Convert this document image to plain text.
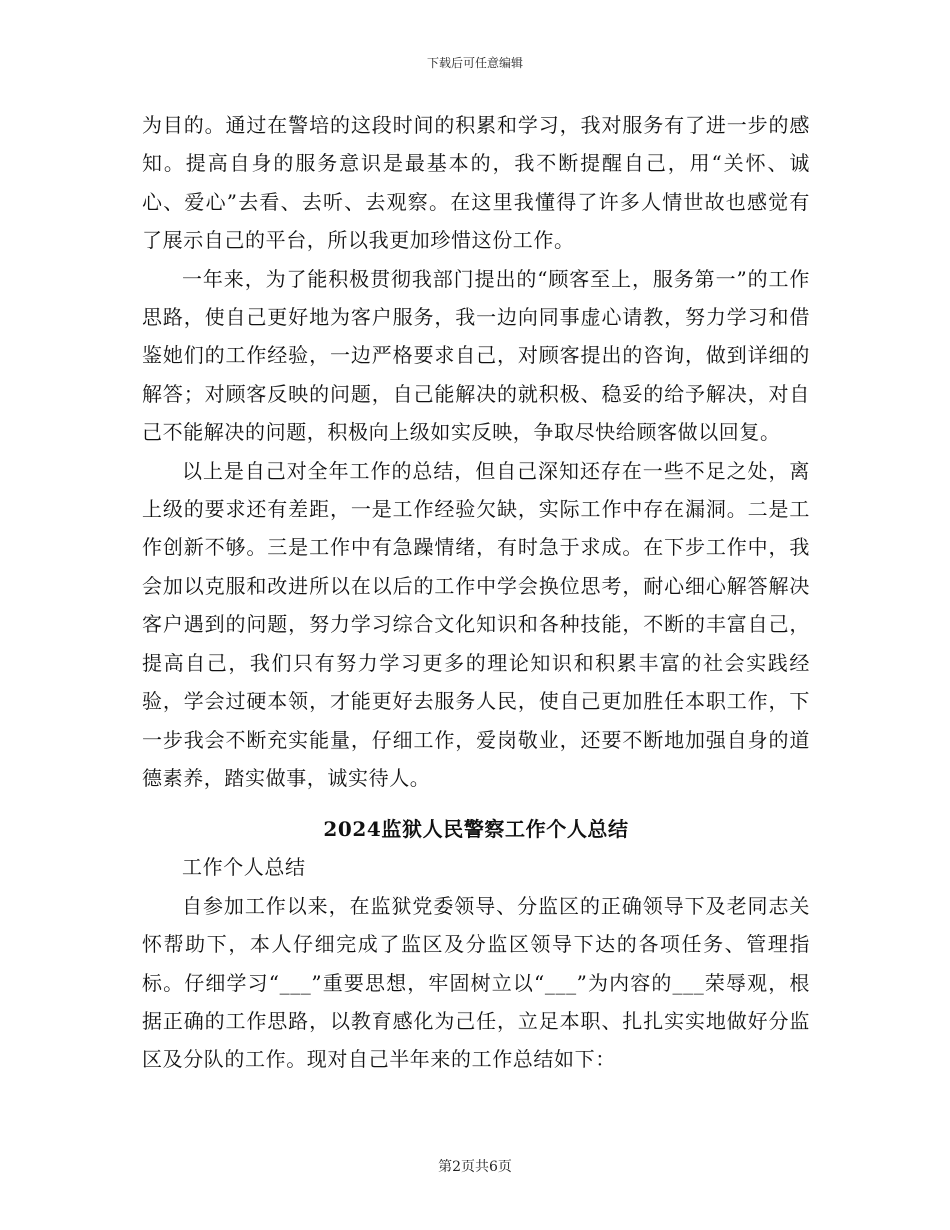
下载后可任意编辑

为目的。通过在警培的这段时间的积累和学习，我对服务有了进一步的感知。提高自身的服务意识是最基本的，我不断提醒自己，用“关怀、诚心、爱心”去看、去听、去观察。在这里我懂得了许多人情世故也感觉有了展示自己的平台，所以我更加珍惜这份工作。

一年来，为了能积极贯彻我部门提出的“顾客至上，服务第一”的工作思路，使自己更好地为客户服务，我一边向同事虚心请教，努力学习和借鉴她们的工作经验，一边严格要求自己，对顾客提出的咨询，做到详细的解答；对顾客反映的问题，自己能解决的就积极、稳妥的给予解决，对自己不能解决的问题，积极向上级如实反映，争取尽快给顾客做以回复。

以上是自己对全年工作的总结，但自己深知还存在一些不足之处，离上级的要求还有差距，一是工作经验欠缺，实际工作中存在漏洞。二是工作创新不够。三是工作中有急躁情绪，有时急于求成。在下步工作中，我会加以克服和改进所以在以后的工作中学会换位思考，耐心细心解答解决客户遇到的问题，努力学习综合文化知识和各种技能，不断的丰富自己，提高自己，我们只有努力学习更多的理论知识和积累丰富的社会实践经验，学会过硬本领，才能更好去服务人民，使自己更加胜任本职工作，下一步我会不断充实能量，仔细工作，爱岗敬业，还要不断地加强自身的道德素养，踏实做事，诚实待人。

2024监狱人民警察工作个人总结

工作个人总结

自参加工作以来，在监狱党委领导、分监区的正确领导下及老同志关怀帮助下，本人仔细完成了监区及分监区领导下达的各项任务、管理指标。仔细学习“___”重要思想，牢固树立以“___”为内容的___荣辱观，根据正确的工作思路，以教育感化为己任，立足本职、扎扎实实地做好分监区及分队的工作。现对自己半年来的工作总结如下：

第2页共6页
